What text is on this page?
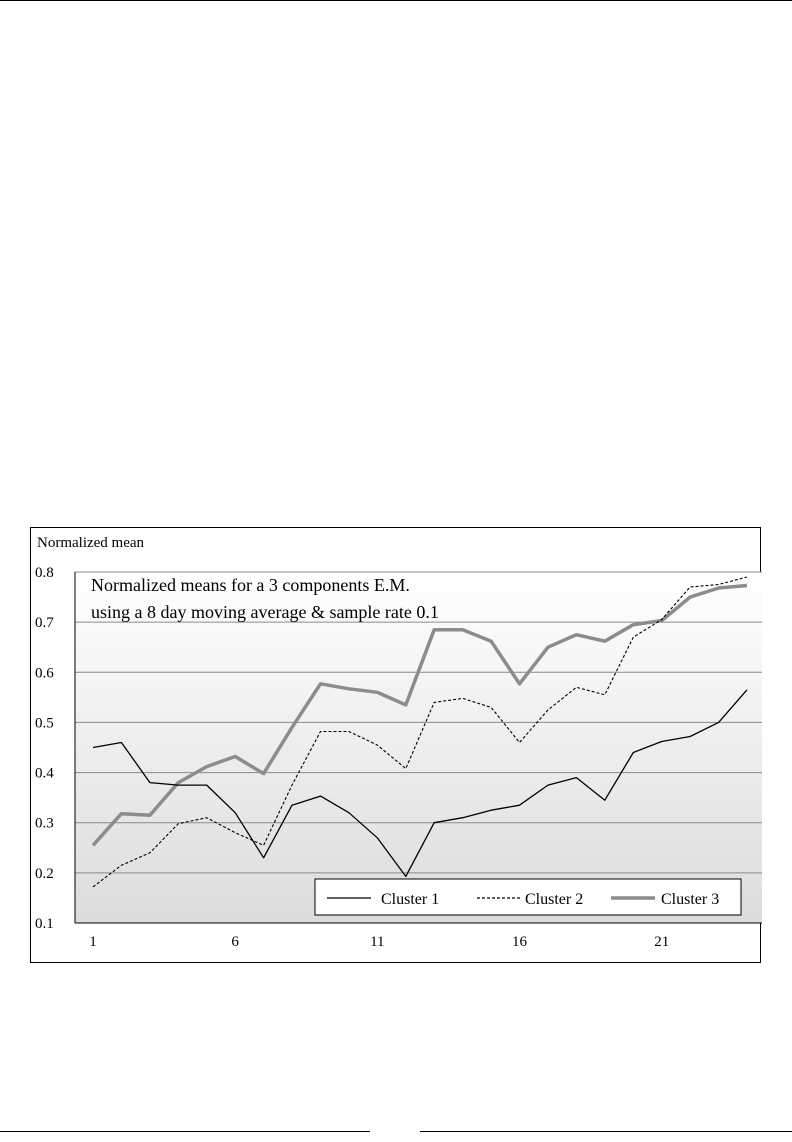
0.1
0.2
0.3
0.4
0.5
0.6
0.7
0.8
1	6	11	16	21
Normalized mean
Normalized means for a 3 components E.M.
using a 8 day moving average & sample rate 0.1
Cluster 1	Cluster 2	Cluster 3
